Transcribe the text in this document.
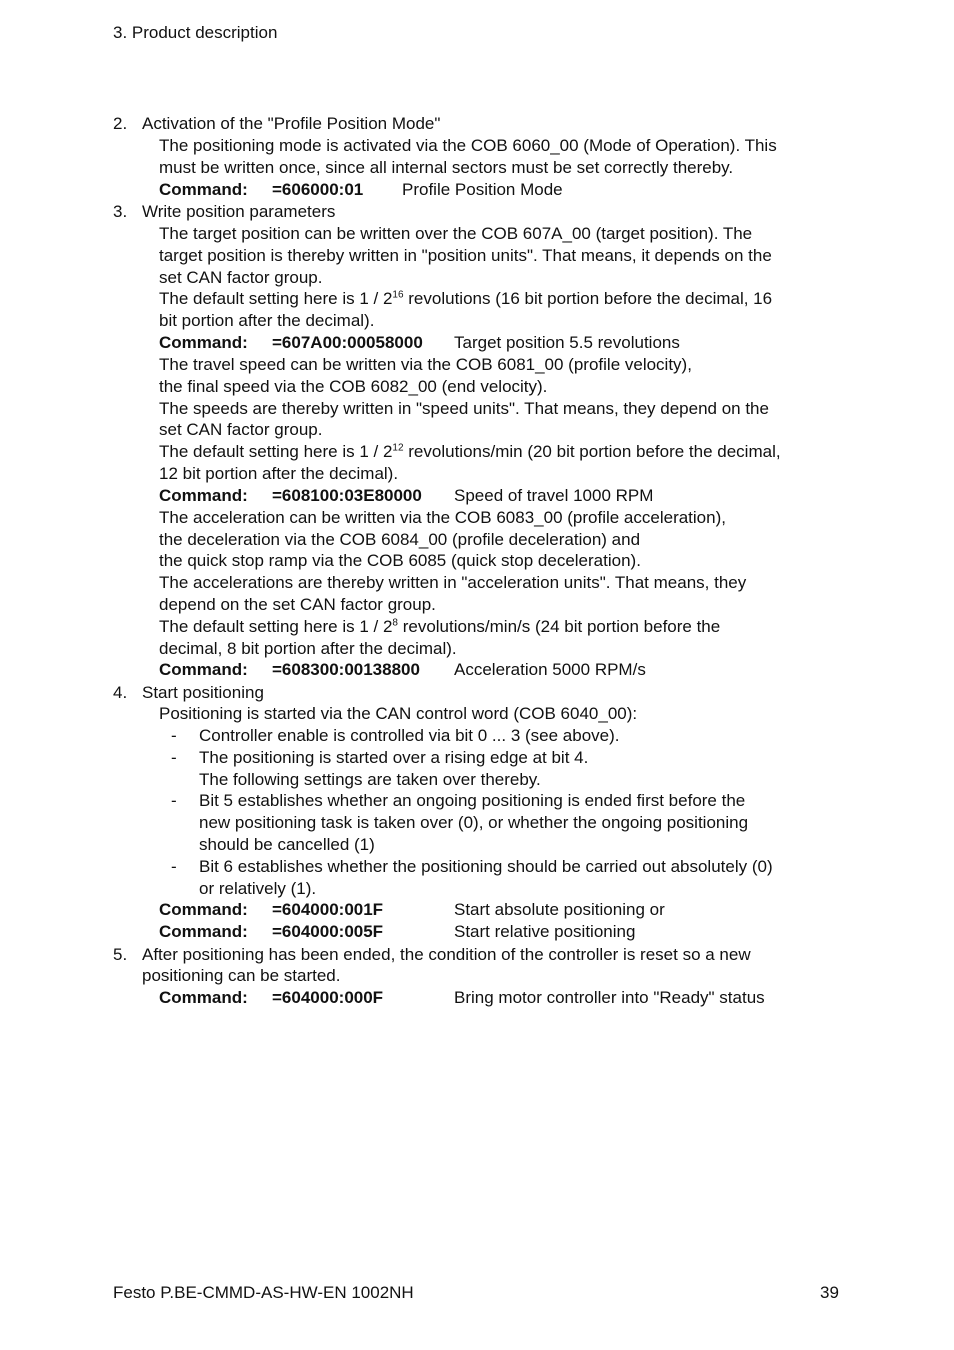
3. Product description
2. Activation of the "Profile Position Mode"
The positioning mode is activated via the COB 6060_00 (Mode of Operation). This
must be written once, since all internal sectors must be set correctly thereby.
Command: =606000:01 Profile Position Mode
3. Write position parameters
The target position can be written over the COB 607A_00 (target position). The
target position is thereby written in "position units". That means, it depends on the
set CAN factor group.
The default setting here is $1 / 2^{16}$ revolutions (16 bit portion before the decimal, 16
bit portion after the decimal).
Command: =607A00:00058000 Target position 5.5 revolutions
The travel speed can be written via the COB 6081_00 (profile velocity),
the final speed via the COB 6082_00 (end velocity).
The speeds are thereby written in "speed units". That means, they depend on the
set CAN factor group.
The default setting here is $1 / 2^{12}$ revolutions/min (20 bit portion before the decimal,
12 bit portion after the decimal).
Command: =608100:03E80000 Speed of travel 1000 RPM
The acceleration can be written via the COB 6083_00 (profile acceleration),
the deceleration via the COB 6084_00 (profile deceleration) and
the quick stop ramp via the COB 6085 (quick stop deceleration).
The accelerations are thereby written in "acceleration units". That means, they
depend on the set CAN factor group.
The default setting here is $1 / 2^8$ revolutions/min/s (24 bit portion before the
decimal, 8 bit portion after the decimal).
Command: =608300:00138800 Acceleration 5000 RPM/s
4. Start positioning
Positioning is started via the CAN control word (COB 6040_00):
- Controller enable is controlled via bit 0 ... 3 (see above).
- The positioning is started over a rising edge at bit 4.
The following settings are taken over thereby.
- Bit 5 establishes whether an ongoing positioning is ended first before the
new positioning task is taken over (0), or whether the ongoing positioning
should be cancelled (1)
- Bit 6 establishes whether the positioning should be carried out absolutely (0)
or relatively (1).
Command: =604000:001F	Start absolute positioning or
Command: =604000:005F	Start relative positioning
5. After positioning has been ended, the condition of the controller is reset so a new
positioning can be started.
Command: =604000:000F	Bring motor controller into "Ready" status
Festo P.BE-CMMD-AS-HW-EN 1002NH	39
